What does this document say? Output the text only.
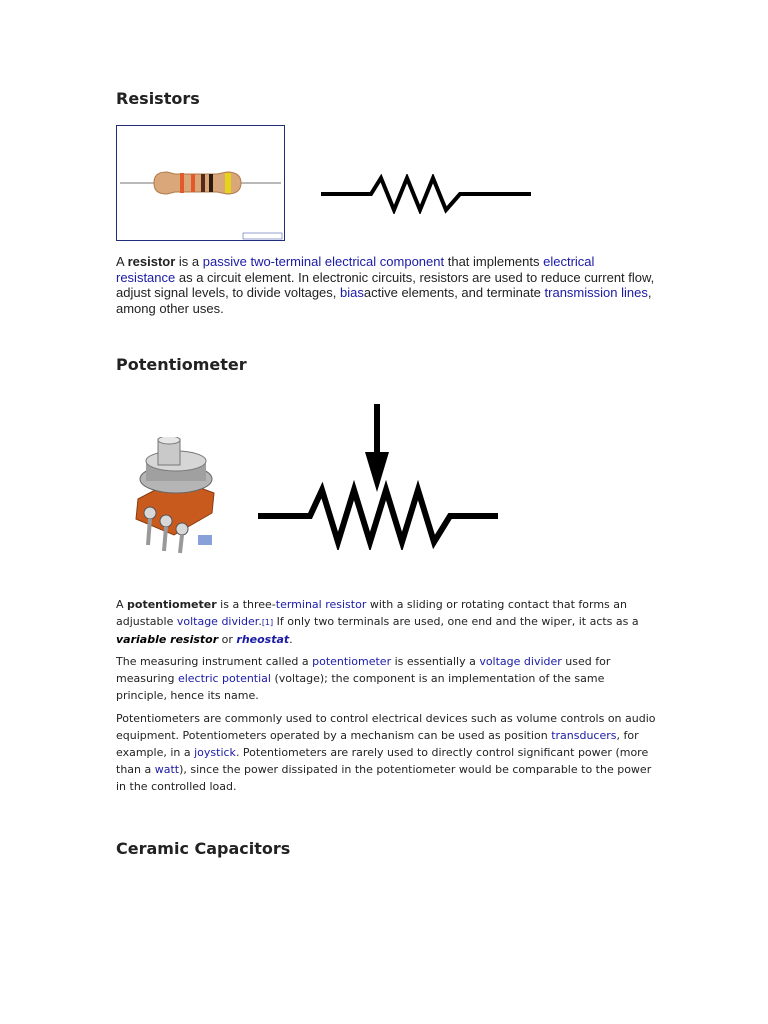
Resistors

A resistor is a passive two-terminal electrical component that implements electrical resistance as a circuit element. In electronic circuits, resistors are used to reduce current flow, adjust signal levels, to divide voltages, biasactive elements, and terminate transmission lines, among other uses.

Potentiometer

A potentiometer is a three-terminal resistor with a sliding or rotating contact that forms an adjustable voltage divider.[1] If only two terminals are used, one end and the wiper, it acts as a variable resistor or rheostat.

The measuring instrument called a potentiometer is essentially a voltage divider used for measuring electric potential (voltage); the component is an implementation of the same principle, hence its name.

Potentiometers are commonly used to control electrical devices such as volume controls on audio equipment. Potentiometers operated by a mechanism can be used as position transducers, for example, in a joystick. Potentiometers are rarely used to directly control significant power (more than a watt), since the power dissipated in the potentiometer would be comparable to the power in the controlled load.

Ceramic Capacitors
